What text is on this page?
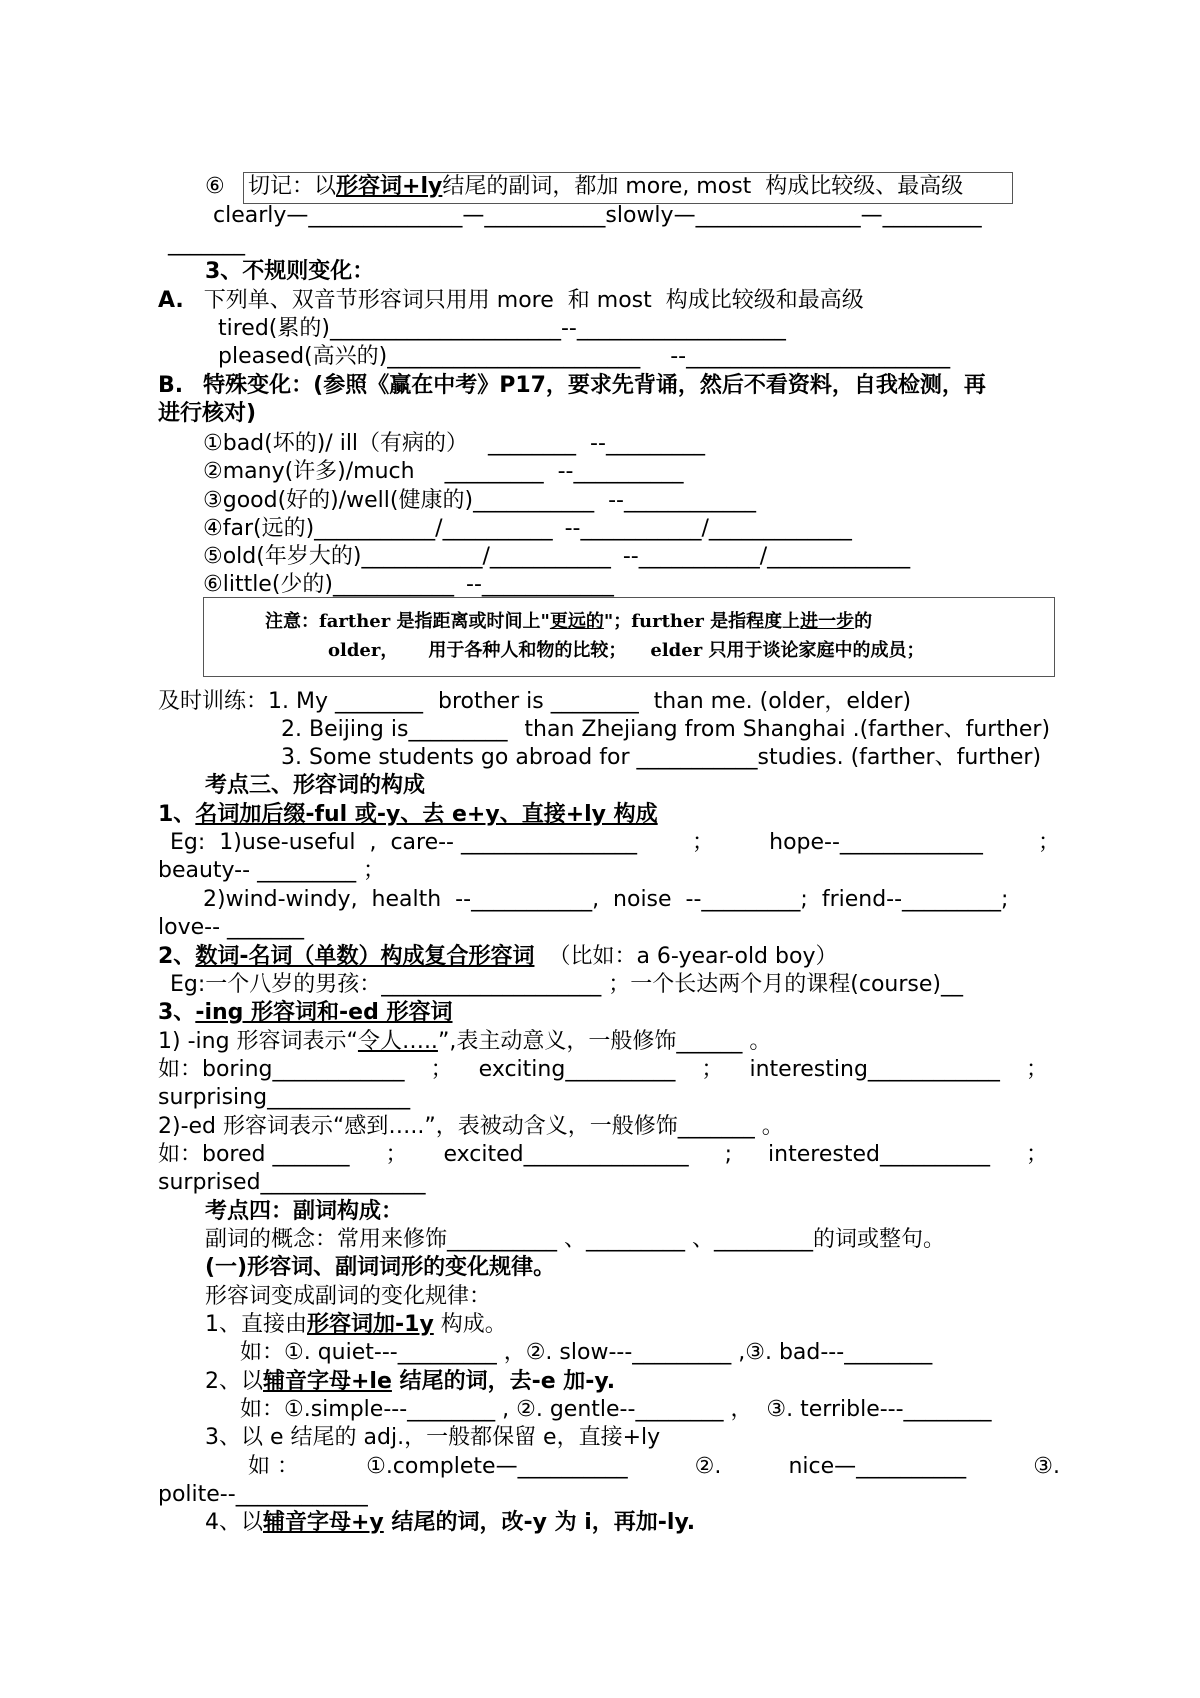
⑥ 切记：以形容词+ly结尾的副词，都加 more, most  构成比较级、最高级
clearly—______________—___________slowly—_______________—_________
_______
3、不规则变化：
A. 下列单、双音节形容词只用用 more  和 most  构成比较级和最高级
tired(累的)_____________________--___________________
pleased(高兴的)_______________________ --________________________
B. 特殊变化：(参照《赢在中考》P17，要求先背诵，然后不看资料，自我检测，再
进行核对)
①bad(坏的)/ ill（有病的） ________ --_________
②many(许多)/much _________ --__________
③good(好的)/well(健康的)___________ --____________
④far(远的)___________/__________ --___________/_____________
⑤old(年岁大的)___________/___________ --___________/_____________
⑥little(少的)___________ --____________
注意：farther 是指距离或时间上"更远的"；further 是指程度上进一步的
older， 用于各种人和物的比较； elder 只用于谈论家庭中的成员；
及时训练：1. My ________ brother is ________ than me. (older，elder)
2. Beijing is_________ than Zhejiang from Shanghai .(farther、further)
3. Some students go abroad for ___________studies. (farther、further)
考点三、形容词的构成
1、名词加后缀-ful 或-y、去 e+y、直接+ly 构成
Eg:  1)use-useful  ,  care-- ________________	；	hope--_____________	；
beauty-- _________ ；
2)wind-windy,  health  --___________,  noise  --_________;  friend--_________;
love-- _______
2、数词-名词（单数）构成复合形容词  （比如：a 6-year-old boy）
Eg:一个八岁的男孩：____________________ ；一个长达两个月的课程(course)__
3、-ing 形容词和-ed 形容词
1) -ing 形容词表示“令人…..”,表主动意义，一般修饰______ 。
如：boring____________ ； exciting__________ ； interesting____________ ；
surprising_____________
2)-ed 形容词表示“感到…..”，表被动含义，一般修饰_______ 。
如：bored _______ ； excited_______________ ; interested__________ ；
surprised_______________
考点四：副词构成：
副词的概念：常用来修饰__________ 、_________ 、_________的词或整句。
(一)形容词、副词词形的变化规律。
形容词变成副词的变化规律：
1、直接由形容词加-1y 构成。
如：①. quiet---_________ ，②. slow---_________ ,③. bad---________
2、以辅音字母+le 结尾的词，去-e 加-y.
如：①.simple---________ , ②. gentle--________ ，  ③. terrible---________
3、以 e 结尾的 adj.，一般都保留 e，直接+ly
如 ：	①.complete—__________	②.	nice—__________	③.
polite--____________
4、以辅音字母+y 结尾的词，改-y 为 i，再加-ly.
